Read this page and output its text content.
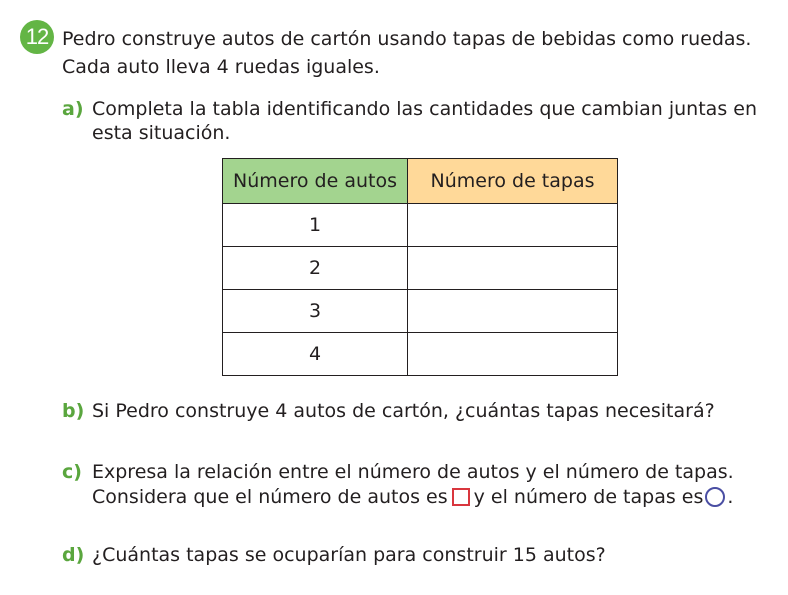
12 Pedro construye autos de cartón usando tapas de bebidas como ruedas.
Cada auto lleva 4 ruedas iguales.
a) Completa la tabla identificando las cantidades que cambian juntas en
esta situación.
Número de autos	Número de tapas
1	
2	
3	
4	
b) Si Pedro construye 4 autos de cartón, ¿cuántas tapas necesitará?
c) Expresa la relación entre el número de autos y el número de tapas.
Considera que el número de autos es y el número de tapas es .
d) ¿Cuántas tapas se ocuparían para construir 15 autos?
